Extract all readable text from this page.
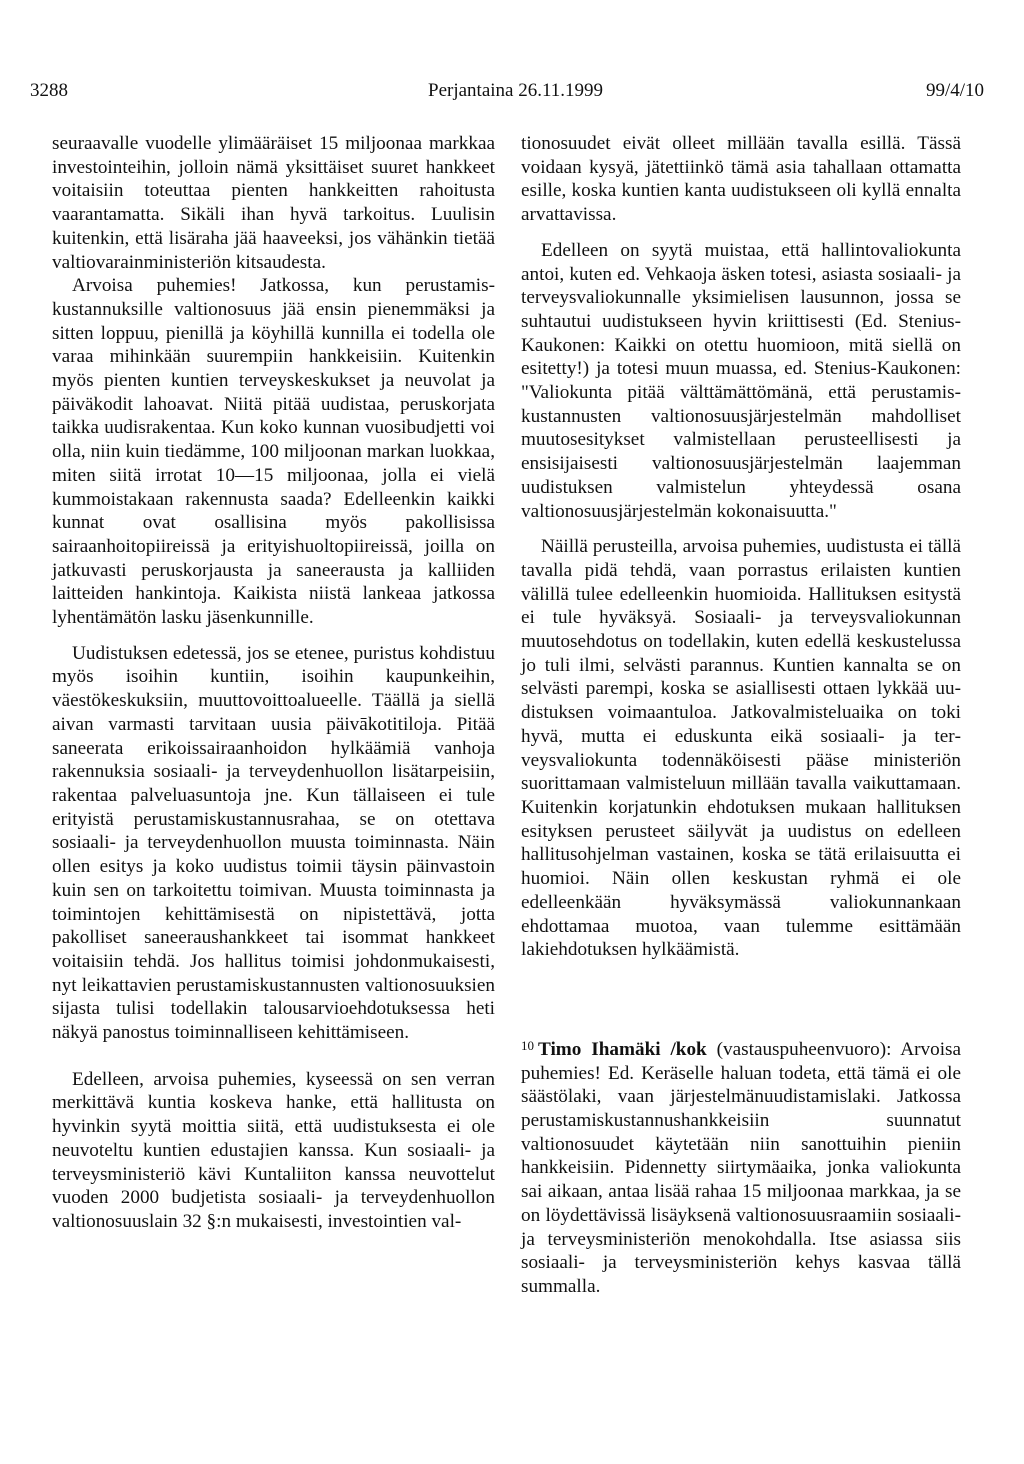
3288	Perjantaina 26.11.1999	99/4/10

seuraavalle vuodelle ylimääräiset 15 miljoonaa markkaa investointeihin, jolloin nämä yksittäiset suuret hankkeet voitaisiin toteuttaa pienten hankkeitten rahoitusta vaarantamatta. Sikäli ihan hyvä tarkoitus. Luulisin kuitenkin, että lisäraha jää haaveeksi, jos vähänkin tietää valtiovarainministeriön kitsaudesta.

Arvoisa puhemies! Jatkossa, kun perustamiskustannuksille valtionosuus jää ensin pienemmäksi ja sitten loppuu, pienillä ja köyhillä kunnilla ei todella ole varaa mihinkään suurempiin hankkeisiin. Kuitenkin myös pienten kuntien terveyskeskukset ja neuvolat ja päiväkodit lahoavat. Niitä pitää uudistaa, peruskorjata taikka uudisrakentaa. Kun koko kunnan vuosibudjetti voi olla, niin kuin tiedämme, 100 miljoonan markan luokkaa, miten siitä irrotat 10—15 miljoonaa, jolla ei vielä kummoistakaan rakennusta saada? Edelleenkin kaikki kunnat ovat osallisina myös pakollisissa sairaanhoitopiireissä ja erityishuoltopiireissä, joilla on jatkuvasti peruskorjausta ja saneerausta ja kalliiden laitteiden hankintoja. Kaikista niistä lankeaa jatkossa lyhentämätön lasku jäsenkunnille.

Uudistuksen edetessä, jos se etenee, puristus kohdistuu myös isoihin kuntiin, isoihin kaupunkeihin, väestökeskuksiin, muuttovoittoalueelle. Täällä ja siellä aivan varmasti tarvitaan uusia päivākotitiloja. Pitää saneerata erikoissairaanhoidon hylkäämiä vanhoja rakennuksia sosiaali- ja terveydenhuollon lisätarpeisiin, rakentaa palveluasuntoja jne. Kun tällaiseen ei tule erityistä perustamiskustannusrahaa, se on otettava sosiaali- ja terveydenhuollon muusta toiminnasta. Näin ollen esitys ja koko uudistus toimii täysin päinvastoin kuin sen on tarkoitettu toimivan. Muusta toiminnasta ja toimintojen kehittämisestä on nipistettävä, jotta pakolliset saneeraushankkeet tai isommat hankkeet voitaisiin tehdä. Jos hallitus toimisi johdonmukaisesti, nyt leikattavien perustamiskustannusten valtionosuuksien sijasta tulisi todellakin talousarvioehdotuksessa heti näkyä panostus toiminnalliseen kehittämiseen.

Edelleen, arvoisa puhemies, kyseessä on sen verran merkittävä kuntia koskeva hanke, että hallitusta on hyvinkin syytä moittia siitä, että uudistuksesta ei ole neuvoteltu kuntien edustajien kanssa. Kun sosiaali- ja terveysministeriö kävi Kuntaliiton kanssa neuvottelut vuoden 2000 budjetista sosiaali- ja terveydenhuollon valtionosuuslain 32 §:n mukaisesti, investointien val-

tionosuudet eivät olleet millään tavalla esillä. Tässä voidaan kysyä, jätettiinkö tämä asia tahallaan ottamatta esille, koska kuntien kanta uudistukseen oli kyllä ennalta arvattavissa.

Edelleen on syytä muistaa, että hallintovaliokunta antoi, kuten ed. Vehkaoja äsken totesi, asiasta sosiaali- ja terveysvaliokunnalle yksimielisen lausunnon, jossa se suhtautui uudistukseen hyvin kriittisesti (Ed. Stenius-Kaukonen: Kaikki on otettu huomioon, mitä siellä on esitetty!) ja totesi muun muassa, ed. Stenius-Kaukonen: "Valiokunta pitää välttämättömänä, että perustamiskustannusten valtionosuusjärjestelmän mahdolliset muutosesitykset valmistellaan perusteellisesti ja ensisijaisesti valtionosuusjärjestelmän laajemman uudistuksen valmistelun yhteydessä osana valtionosuusjärjestelmän kokonaisuutta."

Näillä perusteilla, arvoisa puhemies, uudistusta ei tällä tavalla pidä tehdä, vaan porrastus erilaisten kuntien välillä tulee edelleenkin huomioida. Hallituksen esitystä ei tule hyväksyä. Sosiaali- ja terveysvaliokunnan muutosehdotus on todellakin, kuten edellä keskustelussa jo tuli ilmi, selvästi parannus. Kuntien kannalta se on selvästi parempi, koska se asiallisesti ottaen lykkää uudistuksen voimaantuloa. Jatkovalmisteluaika on toki hyvä, mutta ei eduskunta eikä sosiaali- ja terveysvaliokunta todennäköisesti pääse ministeriön suorittamaan valmisteluun millään tavalla vaikuttamaan. Kuitenkin korjatunkin ehdotuksen mukaan hallituksen esityksen perusteet säilyvät ja uudistus on edelleen hallitusohjelman vastainen, koska se tätä erilaisuutta ei huomioi. Näin ollen keskustan ryhmä ei ole edelleenkään hyväksymässä valiokunnankaan ehdottamaa muotoa, vaan tulemme esittämään lakiehdotuksen hylkäämistä.

$^{10}$ Timo Ihamäki /kok (vastauspuheenvuoro): Arvoisa puhemies! Ed. Keräselle haluan todeta, että tämä ei ole säästölaki, vaan järjestelmänuudistamislaki. Jatkossa perustamiskustannushankkeisiin suunnatut valtionosuudet käytetään niin sanottuihin pieniin hankkeisiin. Pidennetty siirtymäaika, jonka valiokunta sai aikaan, antaa lisää rahaa 15 miljoonaa markkaa, ja se on löydettävissä lisäyksenä valtionosuusraamiin sosiaali- ja terveysministeriön menokohdalla. Itse asiassa siis sosiaali- ja terveysministeriön kehys kasvaa tällä summalla.
